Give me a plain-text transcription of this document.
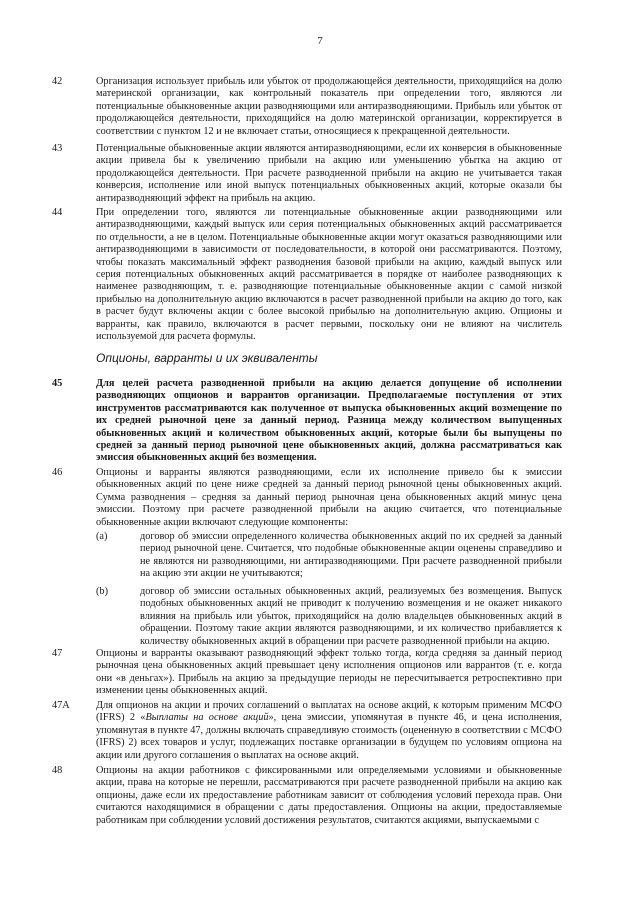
7
42	Организация использует прибыль или убыток от продолжающейся деятельности, приходящийся на долю материнской организации, как контрольный показатель при определении того, являются ли потенциальные обыкновенные акции разводняющими или антиразводняющими. Прибыль или убыток от продолжающейся деятельности, приходящийся на долю материнской организации, корректируется в соответствии с пунктом 12 и не включает статьи, относящиеся к прекращенной деятельности.
43	Потенциальные обыкновенные акции являются антиразводняющими, если их конверсия в обыкновенные акции привела бы к увеличению прибыли на акцию или уменьшению убытка на акцию от продолжающейся деятельности. При расчете разводненной прибыли на акцию не учитывается такая конверсия, исполнение или иной выпуск потенциальных обыкновенных акций, которые оказали бы антиразводняющий эффект на прибыль на акцию.
44	При определении того, являются ли потенциальные обыкновенные акции разводняющими или антиразводняющими, каждый выпуск или серия потенциальных обыкновенных акций рассматривается по отдельности, а не в целом. Потенциальные обыкновенные акции могут оказаться разводняющими или антиразводняющими в зависимости от последовательности, в которой они рассматриваются. Поэтому, чтобы показать максимальный эффект разводнения базовой прибыли на акцию, каждый выпуск или серия потенциальных обыкновенных акций рассматривается в порядке от наиболее разводняющих к наименее разводняющим, т. е. разводняющие потенциальные обыкновенные акции с самой низкой прибылью на дополнительную акцию включаются в расчет разводненной прибыли на акцию до того, как в расчет будут включены акции с более высокой прибылью на дополнительную акцию. Опционы и варранты, как правило, включаются в расчет первыми, поскольку они не влияют на числитель используемой для расчета формулы.
Опционы, варранты и их эквиваленты
45	Для целей расчета разводненной прибыли на акцию делается допущение об исполнении разводняющих опционов и варрантов организации. Предполагаемые поступления от этих инструментов рассматриваются как полученное от выпуска обыкновенных акций возмещение по их средней рыночной цене за данный период. Разница между количеством выпущенных обыкновенных акций и количеством обыкновенных акций, которые были бы выпущены по средней за данный период рыночной цене обыкновенных акций, должна рассматриваться как эмиссия обыкновенных акций без возмещения.
46	Опционы и варранты являются разводняющими, если их исполнение привело бы к эмиссии обыкновенных акций по цене ниже средней за данный период рыночной цены обыкновенных акций. Сумма разводнения – средняя за данный период рыночная цена обыкновенных акций минус цена эмиссии. Поэтому при расчете разводненной прибыли на акцию считается, что потенциальные обыкновенные акции включают следующие компоненты:
(a)	договор об эмиссии определенного количества обыкновенных акций по их средней за данный период рыночной цене. Считается, что подобные обыкновенные акции оценены справедливо и не являются ни разводняющими, ни антиразводняющими. При расчете разводненной прибыли на акцию эти акции не учитываются;
(b)	договор об эмиссии остальных обыкновенных акций, реализуемых без возмещения. Выпуск подобных обыкновенных акций не приводит к получению возмещения и не окажет никакого влияния на прибыль или убыток, приходящийся на долю владельцев обыкновенных акций в обращении. Поэтому такие акции являются разводняющими, и их количество прибавляется к количеству обыкновенных акций в обращении при расчете разводненной прибыли на акцию.
47	Опционы и варранты оказывают разводняющий эффект только тогда, когда средняя за данный период рыночная цена обыкновенных акций превышает цену исполнения опционов или варрантов (т. е. когда они «в деньгах»). Прибыль на акцию за предыдущие периоды не пересчитывается ретроспективно при изменении цены обыкновенных акций.
47А	Для опционов на акции и прочих соглашений о выплатах на основе акций, к которым применим МСФО (IFRS) 2 «Выплаты на основе акций», цена эмиссии, упомянутая в пункте 46, и цена исполнения, упомянутая в пункте 47, должны включать справедливую стоимость (оцененную в соответствии с МСФО (IFRS) 2) всех товаров и услуг, подлежащих поставке организации в будущем по условиям опциона на акции или другого соглашения о выплатах на основе акций.
48	Опционы на акции работников с фиксированными или определяемыми условиями и обыкновенные акции, права на которые не перешли, рассматриваются при расчете разводненной прибыли на акцию как опционы, даже если их предоставление работникам зависит от соблюдения условий перехода прав. Они считаются находящимися в обращении с даты предоставления. Опционы на акции, предоставляемые работникам при соблюдении условий достижения результатов, считаются акциями, выпускаемыми с
